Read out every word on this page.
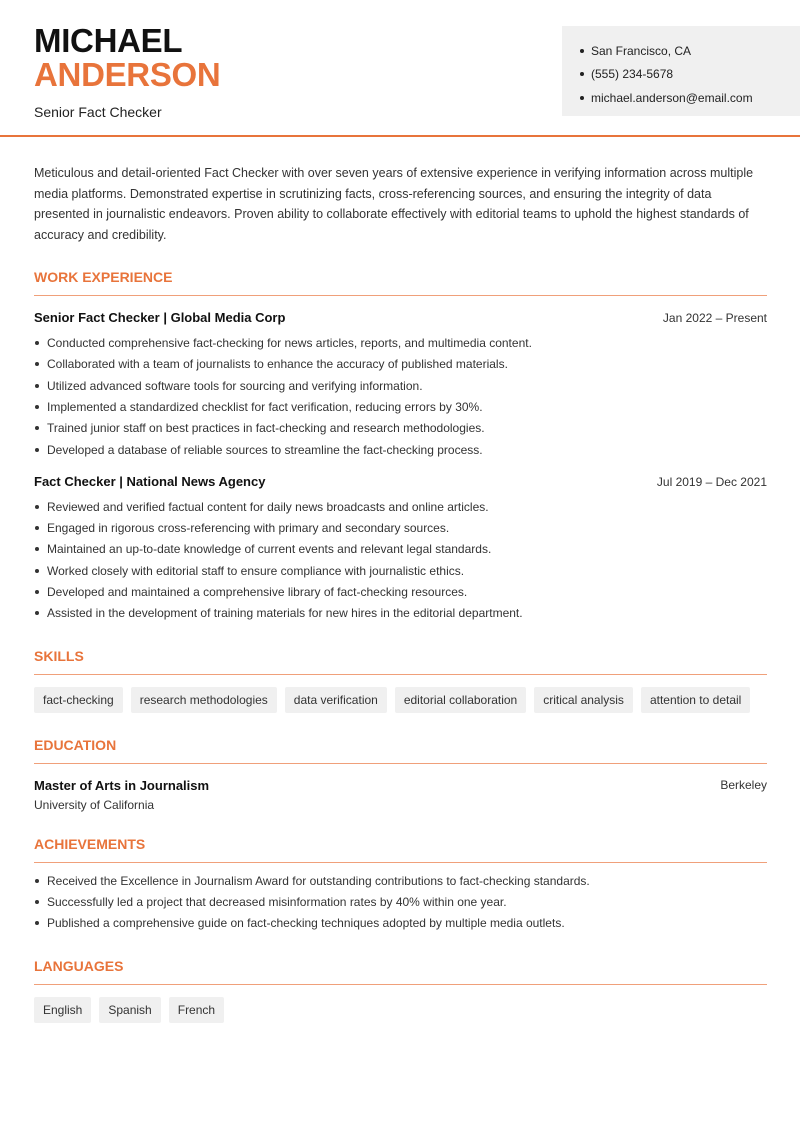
MICHAEL
ANDERSON
Senior Fact Checker
San Francisco, CA
(555) 234-5678
michael.anderson@email.com

Meticulous and detail-oriented Fact Checker with over seven years of extensive experience in verifying information across multiple media platforms. Demonstrated expertise in scrutinizing facts, cross-referencing sources, and ensuring the integrity of data presented in journalistic endeavors. Proven ability to collaborate effectively with editorial teams to uphold the highest standards of accuracy and credibility.

WORK EXPERIENCE
Senior Fact Checker | Global Media Corp	Jan 2022 – Present
Conducted comprehensive fact-checking for news articles, reports, and multimedia content.
Collaborated with a team of journalists to enhance the accuracy of published materials.
Utilized advanced software tools for sourcing and verifying information.
Implemented a standardized checklist for fact verification, reducing errors by 30%.
Trained junior staff on best practices in fact-checking and research methodologies.
Developed a database of reliable sources to streamline the fact-checking process.
Fact Checker | National News Agency	Jul 2019 – Dec 2021
Reviewed and verified factual content for daily news broadcasts and online articles.
Engaged in rigorous cross-referencing with primary and secondary sources.
Maintained an up-to-date knowledge of current events and relevant legal standards.
Worked closely with editorial staff to ensure compliance with journalistic ethics.
Developed and maintained a comprehensive library of fact-checking resources.
Assisted in the development of training materials for new hires in the editorial department.
SKILLS
fact-checking	research methodologies	data verification	editorial collaboration	critical analysis	attention to detail
EDUCATION
Master of Arts in Journalism	Berkeley
University of California
ACHIEVEMENTS
Received the Excellence in Journalism Award for outstanding contributions to fact-checking standards.
Successfully led a project that decreased misinformation rates by 40% within one year.
Published a comprehensive guide on fact-checking techniques adopted by multiple media outlets.
LANGUAGES
English	Spanish	French
